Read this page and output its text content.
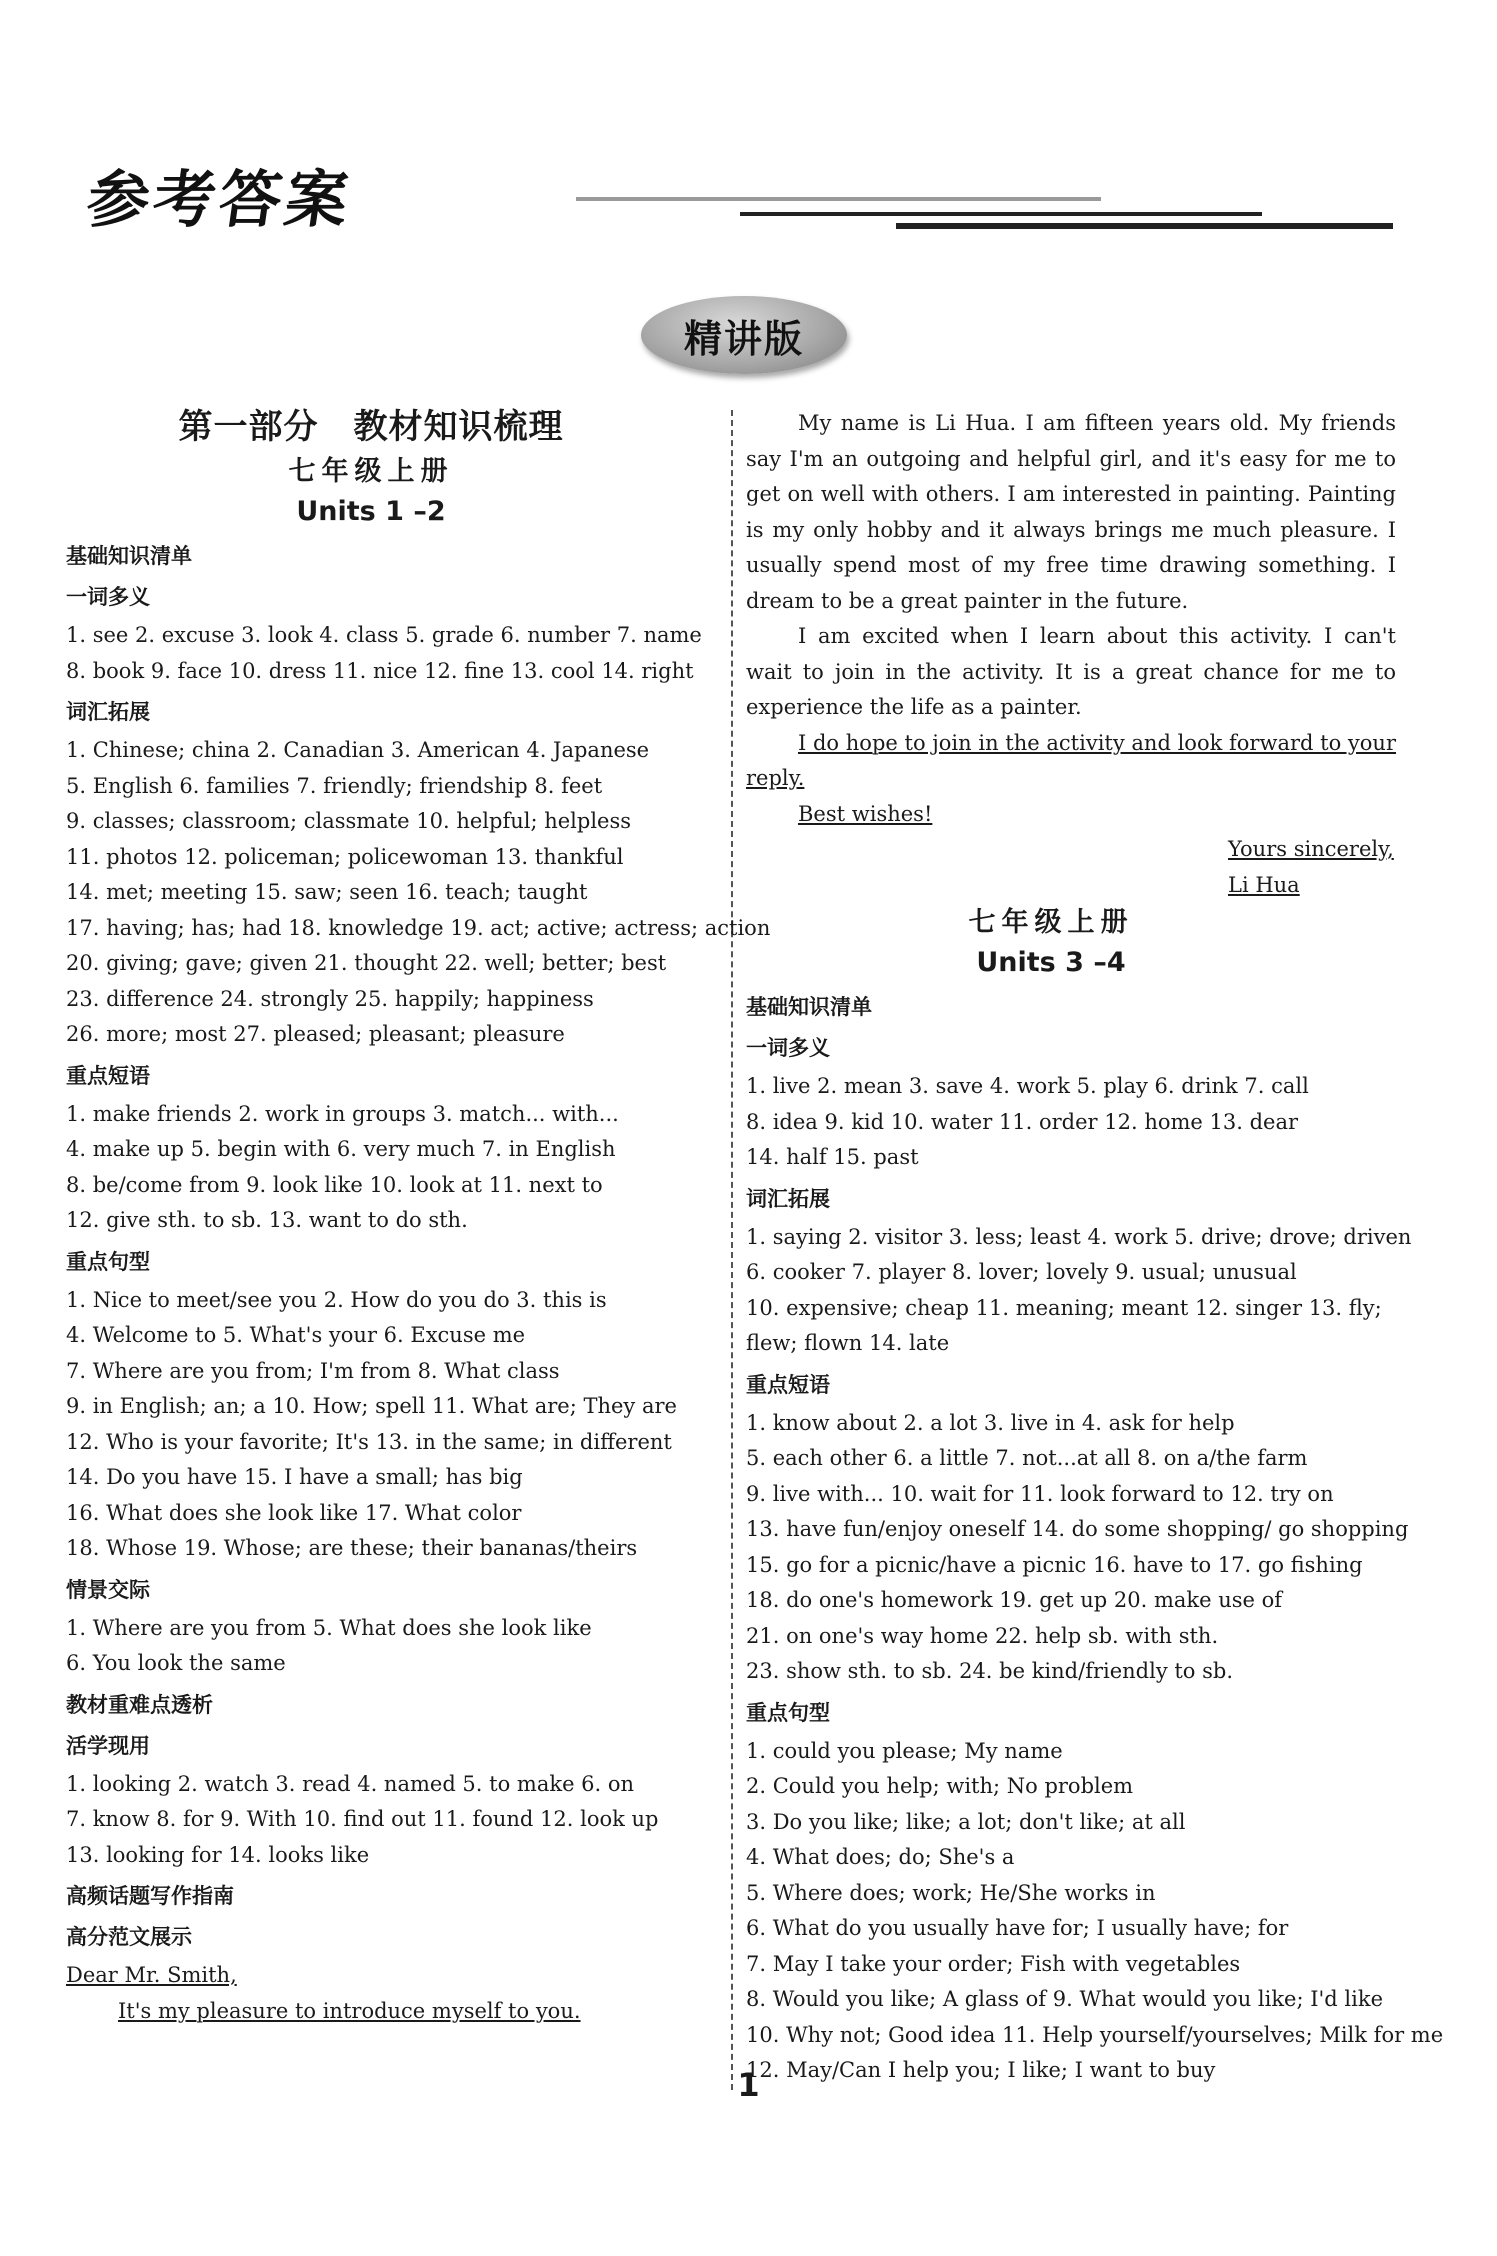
参考答案
精讲版
第一部分　教材知识梳理
七年级上册
Units 1 –2
基础知识清单
一词多义
1. see 2. excuse 3. look 4. class 5. grade 6. number 7. name
8. book 9. face 10. dress 11. nice 12. fine 13. cool 14. right
词汇拓展
1. Chinese; china 2. Canadian 3. American 4. Japanese
5. English 6. families 7. friendly; friendship 8. feet
9. classes; classroom; classmate 10. helpful; helpless
11. photos 12. policeman; policewoman 13. thankful
14. met; meeting 15. saw; seen 16. teach; taught
17. having; has; had 18. knowledge 19. act; active; actress; action
20. giving; gave; given 21. thought 22. well; better; best
23. difference 24. strongly 25. happily; happiness
26. more; most 27. pleased; pleasant; pleasure
重点短语
1. make friends 2. work in groups 3. match... with...
4. make up 5. begin with 6. very much 7. in English
8. be/come from 9. look like 10. look at 11. next to
12. give sth. to sb. 13. want to do sth.
重点句型
1. Nice to meet/see you 2. How do you do 3. this is
4. Welcome to 5. What's your 6. Excuse me
7. Where are you from; I'm from 8. What class
9. in English; an; a 10. How; spell 11. What are; They are
12. Who is your favorite; It's 13. in the same; in different
14. Do you have 15. I have a small; has big
16. What does she look like 17. What color
18. Whose 19. Whose; are these; their bananas/theirs
情景交际
1. Where are you from 5. What does she look like
6. You look the same
教材重难点透析
活学现用
1. looking 2. watch 3. read 4. named 5. to make 6. on
7. know 8. for 9. With 10. find out 11. found 12. look up
13. looking for 14. looks like
高频话题写作指南
高分范文展示
Dear Mr. Smith,
It's my pleasure to introduce myself to you.
My name is Li Hua. I am fifteen years old. My friends say I'm an outgoing and helpful girl, and it's easy for me to get on well with others. I am interested in painting. Painting is my only hobby and it always brings me much pleasure. I usually spend most of my free time drawing something. I dream to be a great painter in the future.
I am excited when I learn about this activity. I can't wait to join in the activity. It is a great chance for me to experience the life as a painter.
I do hope to join in the activity and look forward to your reply.
Best wishes!
Yours sincerely,
Li Hua
七年级上册
Units 3 –4
基础知识清单
一词多义
1. live 2. mean 3. save 4. work 5. play 6. drink 7. call
8. idea 9. kid 10. water 11. order 12. home 13. dear
14. half 15. past
词汇拓展
1. saying 2. visitor 3. less; least 4. work 5. drive; drove; driven
6. cooker 7. player 8. lover; lovely 9. usual; unusual
10. expensive; cheap 11. meaning; meant 12. singer 13. fly;
flew; flown 14. late
重点短语
1. know about 2. a lot 3. live in 4. ask for help
5. each other 6. a little 7. not...at all 8. on a/the farm
9. live with... 10. wait for 11. look forward to 12. try on
13. have fun/enjoy oneself 14. do some shopping/ go shopping
15. go for a picnic/have a picnic 16. have to 17. go fishing
18. do one's homework 19. get up 20. make use of
21. on one's way home 22. help sb. with sth.
23. show sth. to sb. 24. be kind/friendly to sb.
重点句型
1. could you please; My name
2. Could you help; with; No problem
3. Do you like; like; a lot; don't like; at all
4. What does; do; She's a
5. Where does; work; He/She works in
6. What do you usually have for; I usually have; for
7. May I take your order; Fish with vegetables
8. Would you like; A glass of 9. What would you like; I'd like
10. Why not; Good idea 11. Help yourself/yourselves; Milk for me
12. May/Can I help you; I like; I want to buy
1
